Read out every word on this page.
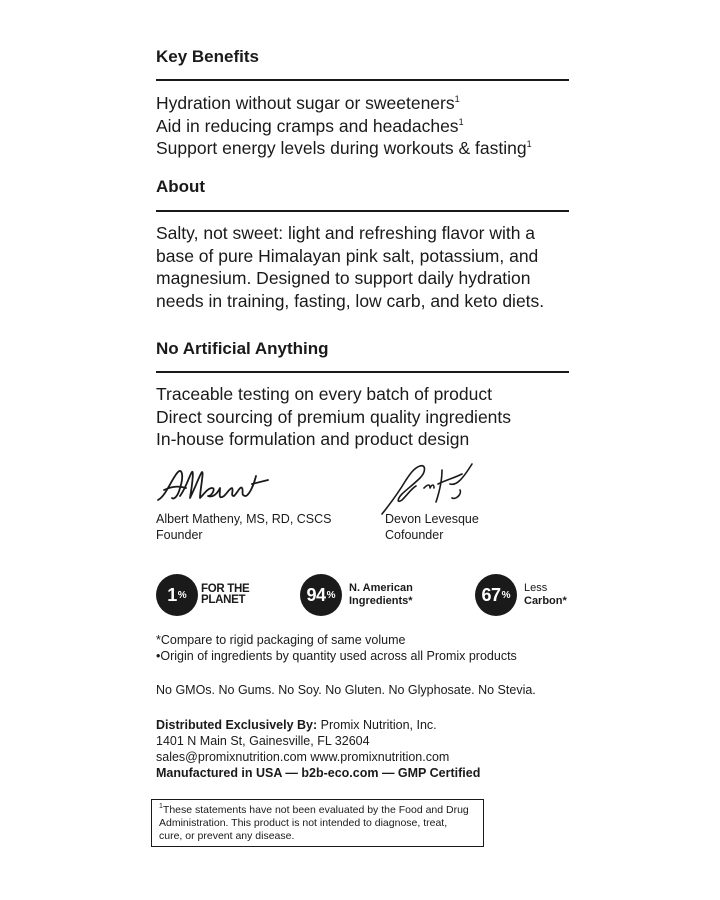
Key Benefits
Hydration without sugar or sweeteners$^1$
Aid in reducing cramps and headaches$^1$
Support energy levels during workouts & fasting$^1$
About
Salty, not sweet: light and refreshing flavor with a
base of pure Himalayan pink salt, potassium, and
magnesium. Designed to support daily hydration
needs in training, fasting, low carb, and keto diets.
No Artificial Anything
Traceable testing on every batch of product
Direct sourcing of premium quality ingredients
In-house formulation and product design
Albert Matheny, MS, RD, CSCS
Founder
Devon Levesque
Cofounder
1 % FOR THE
PLANET	94 %
N. American
Ingredients*	67 %
Less
Carbon*
*Compare to rigid packaging of same volume
•Origin of ingredients by quantity used across all Promix products
No GMOs. No Gums. No Soy. No Gluten. No Glyphosate. No Stevia.
Distributed Exclusively By: Promix Nutrition, Inc.
1401 N Main St, Gainesville, FL 32604
sales@promixnutrition.com www.promixnutrition.com
Manufactured in USA — b2b-eco.com — GMP Certified
$^1$These statements have not been evaluated by the Food and Drug
Administration. This product is not intended to diagnose, treat,
cure, or prevent any disease.
